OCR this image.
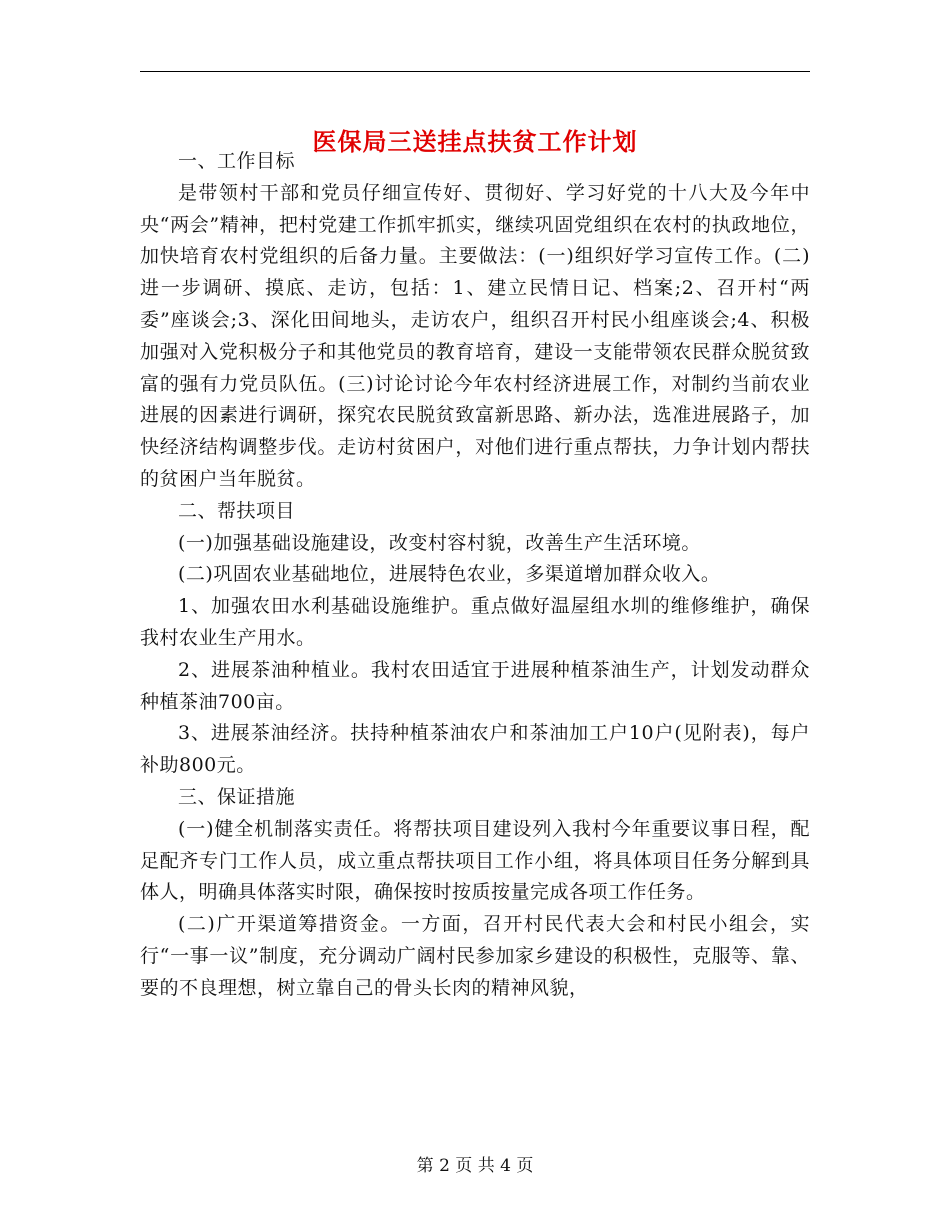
医保局三送挂点扶贫工作计划

一、工作目标

是带领村干部和党员仔细宣传好、贯彻好、学习好党的十八大及今年中央“两会”精神，把村党建工作抓牢抓实，继续巩固党组织在农村的执政地位，加快培育农村党组织的后备力量。主要做法：(一)组织好学习宣传工作。(二)进一步调研、摸底、走访，包括：1、建立民情日记、档案;2、召开村“两委”座谈会;3、深化田间地头，走访农户，组织召开村民小组座谈会;4、积极加强对入党积极分子和其他党员的教育培育，建设一支能带领农民群众脱贫致富的强有力党员队伍。(三)讨论讨论今年农村经济进展工作，对制约当前农业进展的因素进行调研，探究农民脱贫致富新思路、新办法，选准进展路子，加快经济结构调整步伐。走访村贫困户，对他们进行重点帮扶，力争计划内帮扶的贫困户当年脱贫。

二、帮扶项目

(一)加强基础设施建设，改变村容村貌，改善生产生活环境。

(二)巩固农业基础地位，进展特色农业，多渠道增加群众收入。

1、加强农田水利基础设施维护。重点做好温屋组水圳的维修维护，确保我村农业生产用水。

2、进展茶油种植业。我村农田适宜于进展种植茶油生产，计划发动群众种植茶油700亩。

3、进展茶油经济。扶持种植茶油农户和茶油加工户10户(见附表)，每户补助800元。

三、保证措施

(一)健全机制落实责任。将帮扶项目建设列入我村今年重要议事日程，配足配齐专门工作人员，成立重点帮扶项目工作小组，将具体项目任务分解到具体人，明确具体落实时限，确保按时按质按量完成各项工作任务。

(二)广开渠道筹措资金。一方面，召开村民代表大会和村民小组会，实行“一事一议”制度，充分调动广阔村民参加家乡建设的积极性，克服等、靠、要的不良理想，树立靠自己的骨头长肉的精神风貌，

第 2 页 共 4 页
